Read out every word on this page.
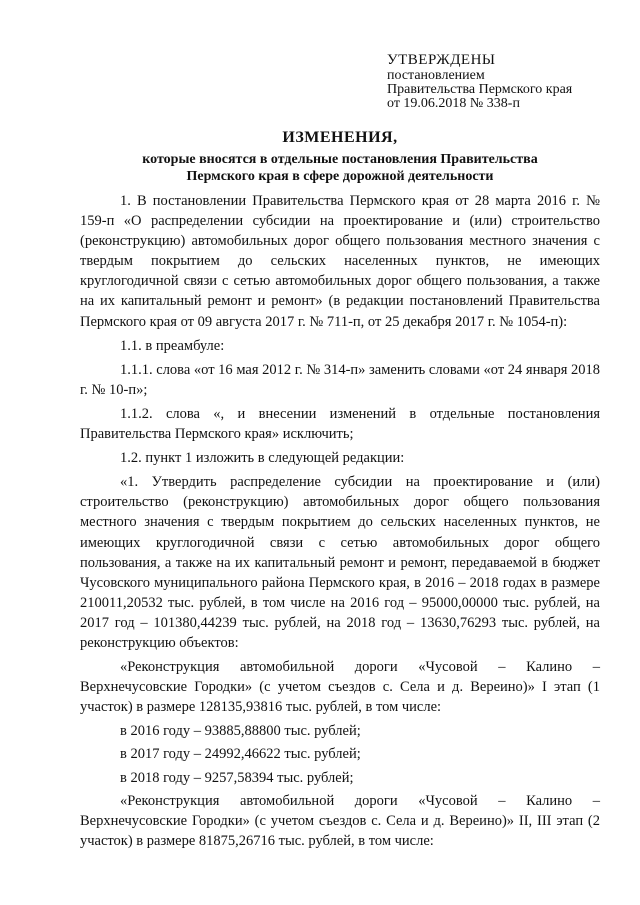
УТВЕРЖДЕНЫ
постановлением
Правительства Пермского края
от 19.06.2018 № 338-п
ИЗМЕНЕНИЯ,
которые вносятся в отдельные постановления Правительства
Пермского края в сфере дорожной деятельности

1. В постановлении Правительства Пермского края от 28 марта 2016 г. № 159-п «О распределении субсидии на проектирование и (или) строительство (реконструкцию) автомобильных дорог общего пользования местного значения с твердым покрытием до сельских населенных пунктов, не имеющих круглогодичной связи с сетью автомобильных дорог общего пользования, а также на их капитальный ремонт и ремонт» (в редакции постановлений Правительства Пермского края от 09 августа 2017 г. № 711-п, от 25 декабря 2017 г. № 1054-п):

1.1. в преамбуле:

1.1.1. слова «от 16 мая 2012 г. № 314-п» заменить словами «от 24 января 2018 г. № 10-п»;

1.1.2. слова «, и внесении изменений в отдельные постановления Правительства Пермского края» исключить;

1.2. пункт 1 изложить в следующей редакции:

«1. Утвердить распределение субсидии на проектирование и (или) строительство (реконструкцию) автомобильных дорог общего пользования местного значения с твердым покрытием до сельских населенных пунктов, не имеющих круглогодичной связи с сетью автомобильных дорог общего пользования, а также на их капитальный ремонт и ремонт, передаваемой в бюджет Чусовского муниципального района Пермского края, в 2016 – 2018 годах в размере 210011,20532 тыс. рублей, в том числе на 2016 год – 95000,00000 тыс. рублей, на 2017 год – 101380,44239 тыс. рублей, на 2018 год – 13630,76293 тыс. рублей, на реконструкцию объектов:

«Реконструкция автомобильной дороги «Чусовой – Калино – Верхнечусовские Городки» (с учетом съездов с. Села и д. Вереино)» I этап (1 участок) в размере 128135,93816 тыс. рублей, в том числе:

в 2016 году – 93885,88800 тыс. рублей;

в 2017 году – 24992,46622 тыс. рублей;

в 2018 году – 9257,58394 тыс. рублей;

«Реконструкция автомобильной дороги «Чусовой – Калино – Верхнечусовские Городки» (с учетом съездов с. Села и д. Вереино)» II, III этап (2 участок) в размере 81875,26716 тыс. рублей, в том числе:
